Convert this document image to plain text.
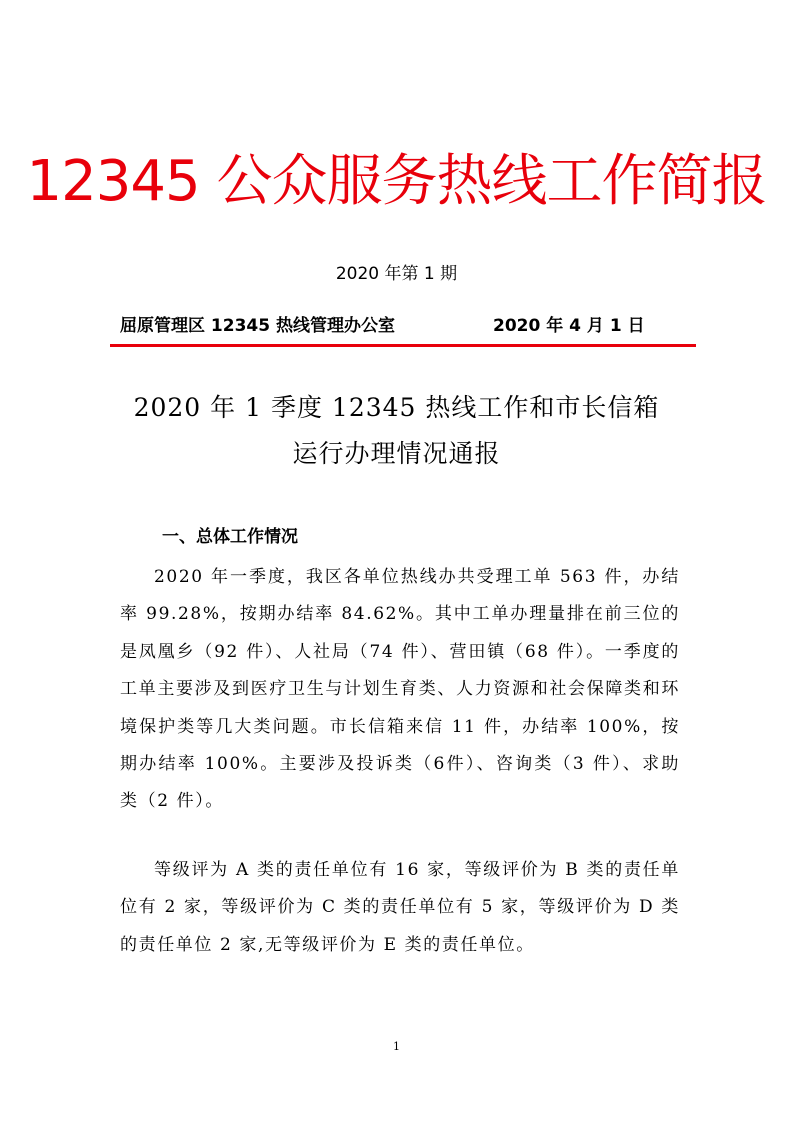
12345 公众服务热线工作简报
2020 年第 1 期
屈原管理区 12345 热线管理办公室	2020 年 4 月 1 日
2020 年 1 季度 12345 热线工作和市长信箱
运行办理情况通报
一、总体工作情况

2020 年一季度，我区各单位热线办共受理工单 563 件，办结率 99.28%，按期办结率 84.62%。其中工单办理量排在前三位的是凤凰乡（92 件）、人社局（74 件）、营田镇（68 件）。一季度的工单主要涉及到医疗卫生与计划生育类、人力资源和社会保障类和环境保护类等几大类问题。市长信箱来信 11 件，办结率 100%，按期办结率 100%。主要涉及投诉类（6件）、咨询类（3 件）、求助类（2 件）。

等级评为 A 类的责任单位有 16 家，等级评价为 B 类的责任单位有 2 家，等级评价为 C 类的责任单位有 5 家，等级评价为 D 类的责任单位 2 家,无等级评价为 E 类的责任单位。

1
